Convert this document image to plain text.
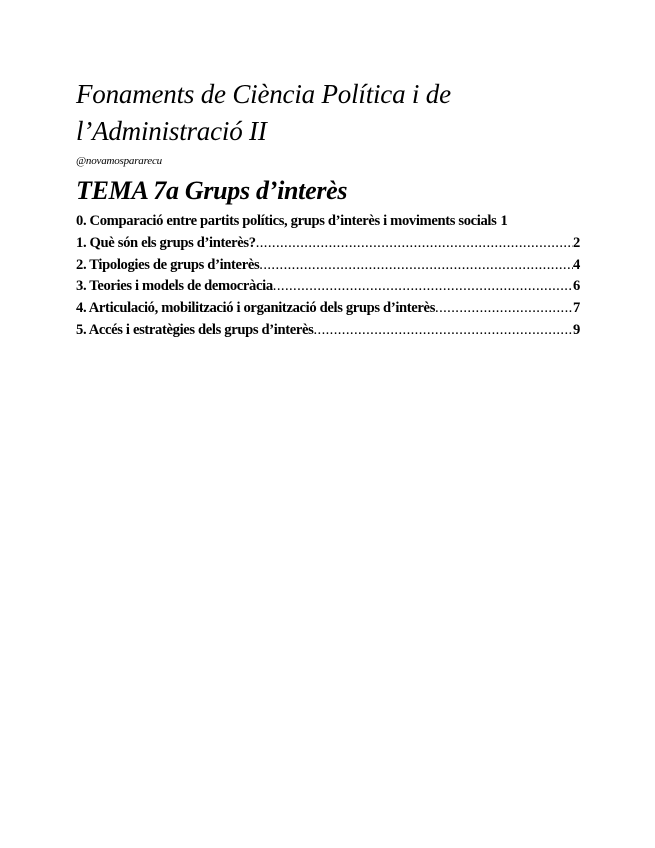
Fonaments de Ciència Política i de
l’Administració II
@novamospararecu
TEMA 7a Grups d’interès
0. Comparació entre partits polítics, grups d’interès i moviments socials 1
1. Què són els grups d’interès? .....	2
2. Tipologies de grups d’interès .....	4
3. Teories i models de democràcia .....	6
4. Articulació, mobilització i organització dels grups d’interès .....	7
5. Accés i estratègies dels grups d’interès .....	9
